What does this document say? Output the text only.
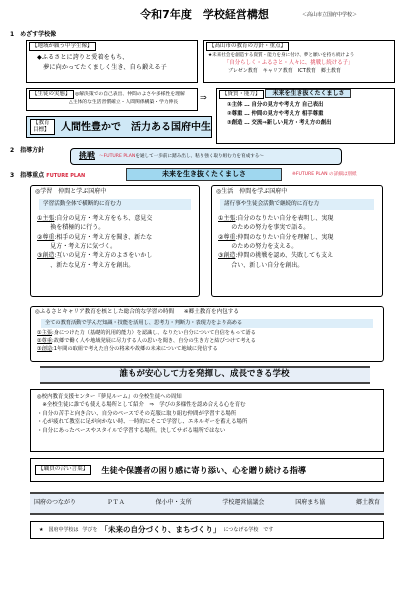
令和7年度　学校経営構想	＜高山市立国府中学校＞
1　めざす学校像
【地域が願う中学生像】
◆ふるさとに誇りと愛着をもち、
　夢に向かってたくましく生き、自ら鍛える子
【高山市の教育の方針・重点】
★未来社会を創造する資質・能力を身に付け、夢と願いを持ち続けよう
「自分らしく・ふるさと・人々に、挑戦し続ける子」
ブレゼン教育　キャリア教育　ICT教育　郷土教育
【生徒の実態】 ◎解決策での自己表出、仲間のよさや多様性を理解
△主体的な生活習慣確立・人間関係構築・学力伸長
⇒	【資質・能力】 未来を生き抜くたくましさ
①主体 … 自分の見方や考え方 自己表出
②尊重 … 仲間の見方や考え方 相手尊重
③創造 … 交流⇒新しい見方・考え方の創出
【教育目標】	人間性豊かで　活力ある国府中生
2　指導方針
挑戦 ～FUTURE PLAN を通して一歩前に踏み出し、粘り強く取り組む力を育成する～
3　指導重点 FUTURE PLAN	未来を生き抜くたくましさ	※FUTURE PLAN の詳細は別紙
◎学習　仲間と学ぶ国府中
学習活動全体で横断的に育む力
①主張:自分の見方・考え方をもち、意見交
換を積極的に行う。
②尊重:相手の見方・考え方を聞き、新たな
見方・考え方に気づく。
③創造:互いの見方・考え方のよさをいかし
、新たな見方・考え方を創出。
◎生活　仲間を学ぶ国府中
諸行事や生徒会活動で継続的に育む力
①主張:自分のなりたい自分を表明し、実現
のための努力を事実で語る。
②尊重:仲間のなりたい自分を理解し、実現
のための努力を支える。
③創造:仲間の挑戦を認め、失敗しても支え
合い、新しい自分を創出。
◎ふるさとキャリア教育を核とした総合的な学習の時間 ※郷土教育を内包する
全ての教育活動で学んだ知識・技能を活用し、思考力・判断力・表現力をより高める
①主張:身につけた力（基礎的汎用的能力）を認識し、なりたい自分について自信をもって語る
②尊重:故郷で働く人や地域発展に尽力する人の思いを聞き、自分の生き方と結びつけて考える
③創造:1年間の取組で考えた自分の将来や故郷の未来について地域に発信する
誰もが安心して力を発揮し、成長できる学校
◎校内教育支援センター『夢見ルーム』の全校生徒への周知
　※全校生徒に誰でも使える場所として紹介　⇒　学びの多様性を認め合える心を育む
・自分の苦手と向き合い、自分のペースでその克服に取り組む仲間が学習する場所
・心が疲れて教室に足が向かない時、一時的にそこで学習し、エネルギーを蓄える場所
・自分にあったペースやスタイルで学習する場所。決してサボる場所ではない
【職員の合い言葉】	生徒や保護者の困り感に寄り添い、心を贈り続ける指導
国府のつながり	ＰＴＡ	保小中・支所	学校運営協議会	国府まち協	郷土教育
★　国府中学校は 学びを 「未来の自分づくり、まちづくり」 につなげる学校　です
